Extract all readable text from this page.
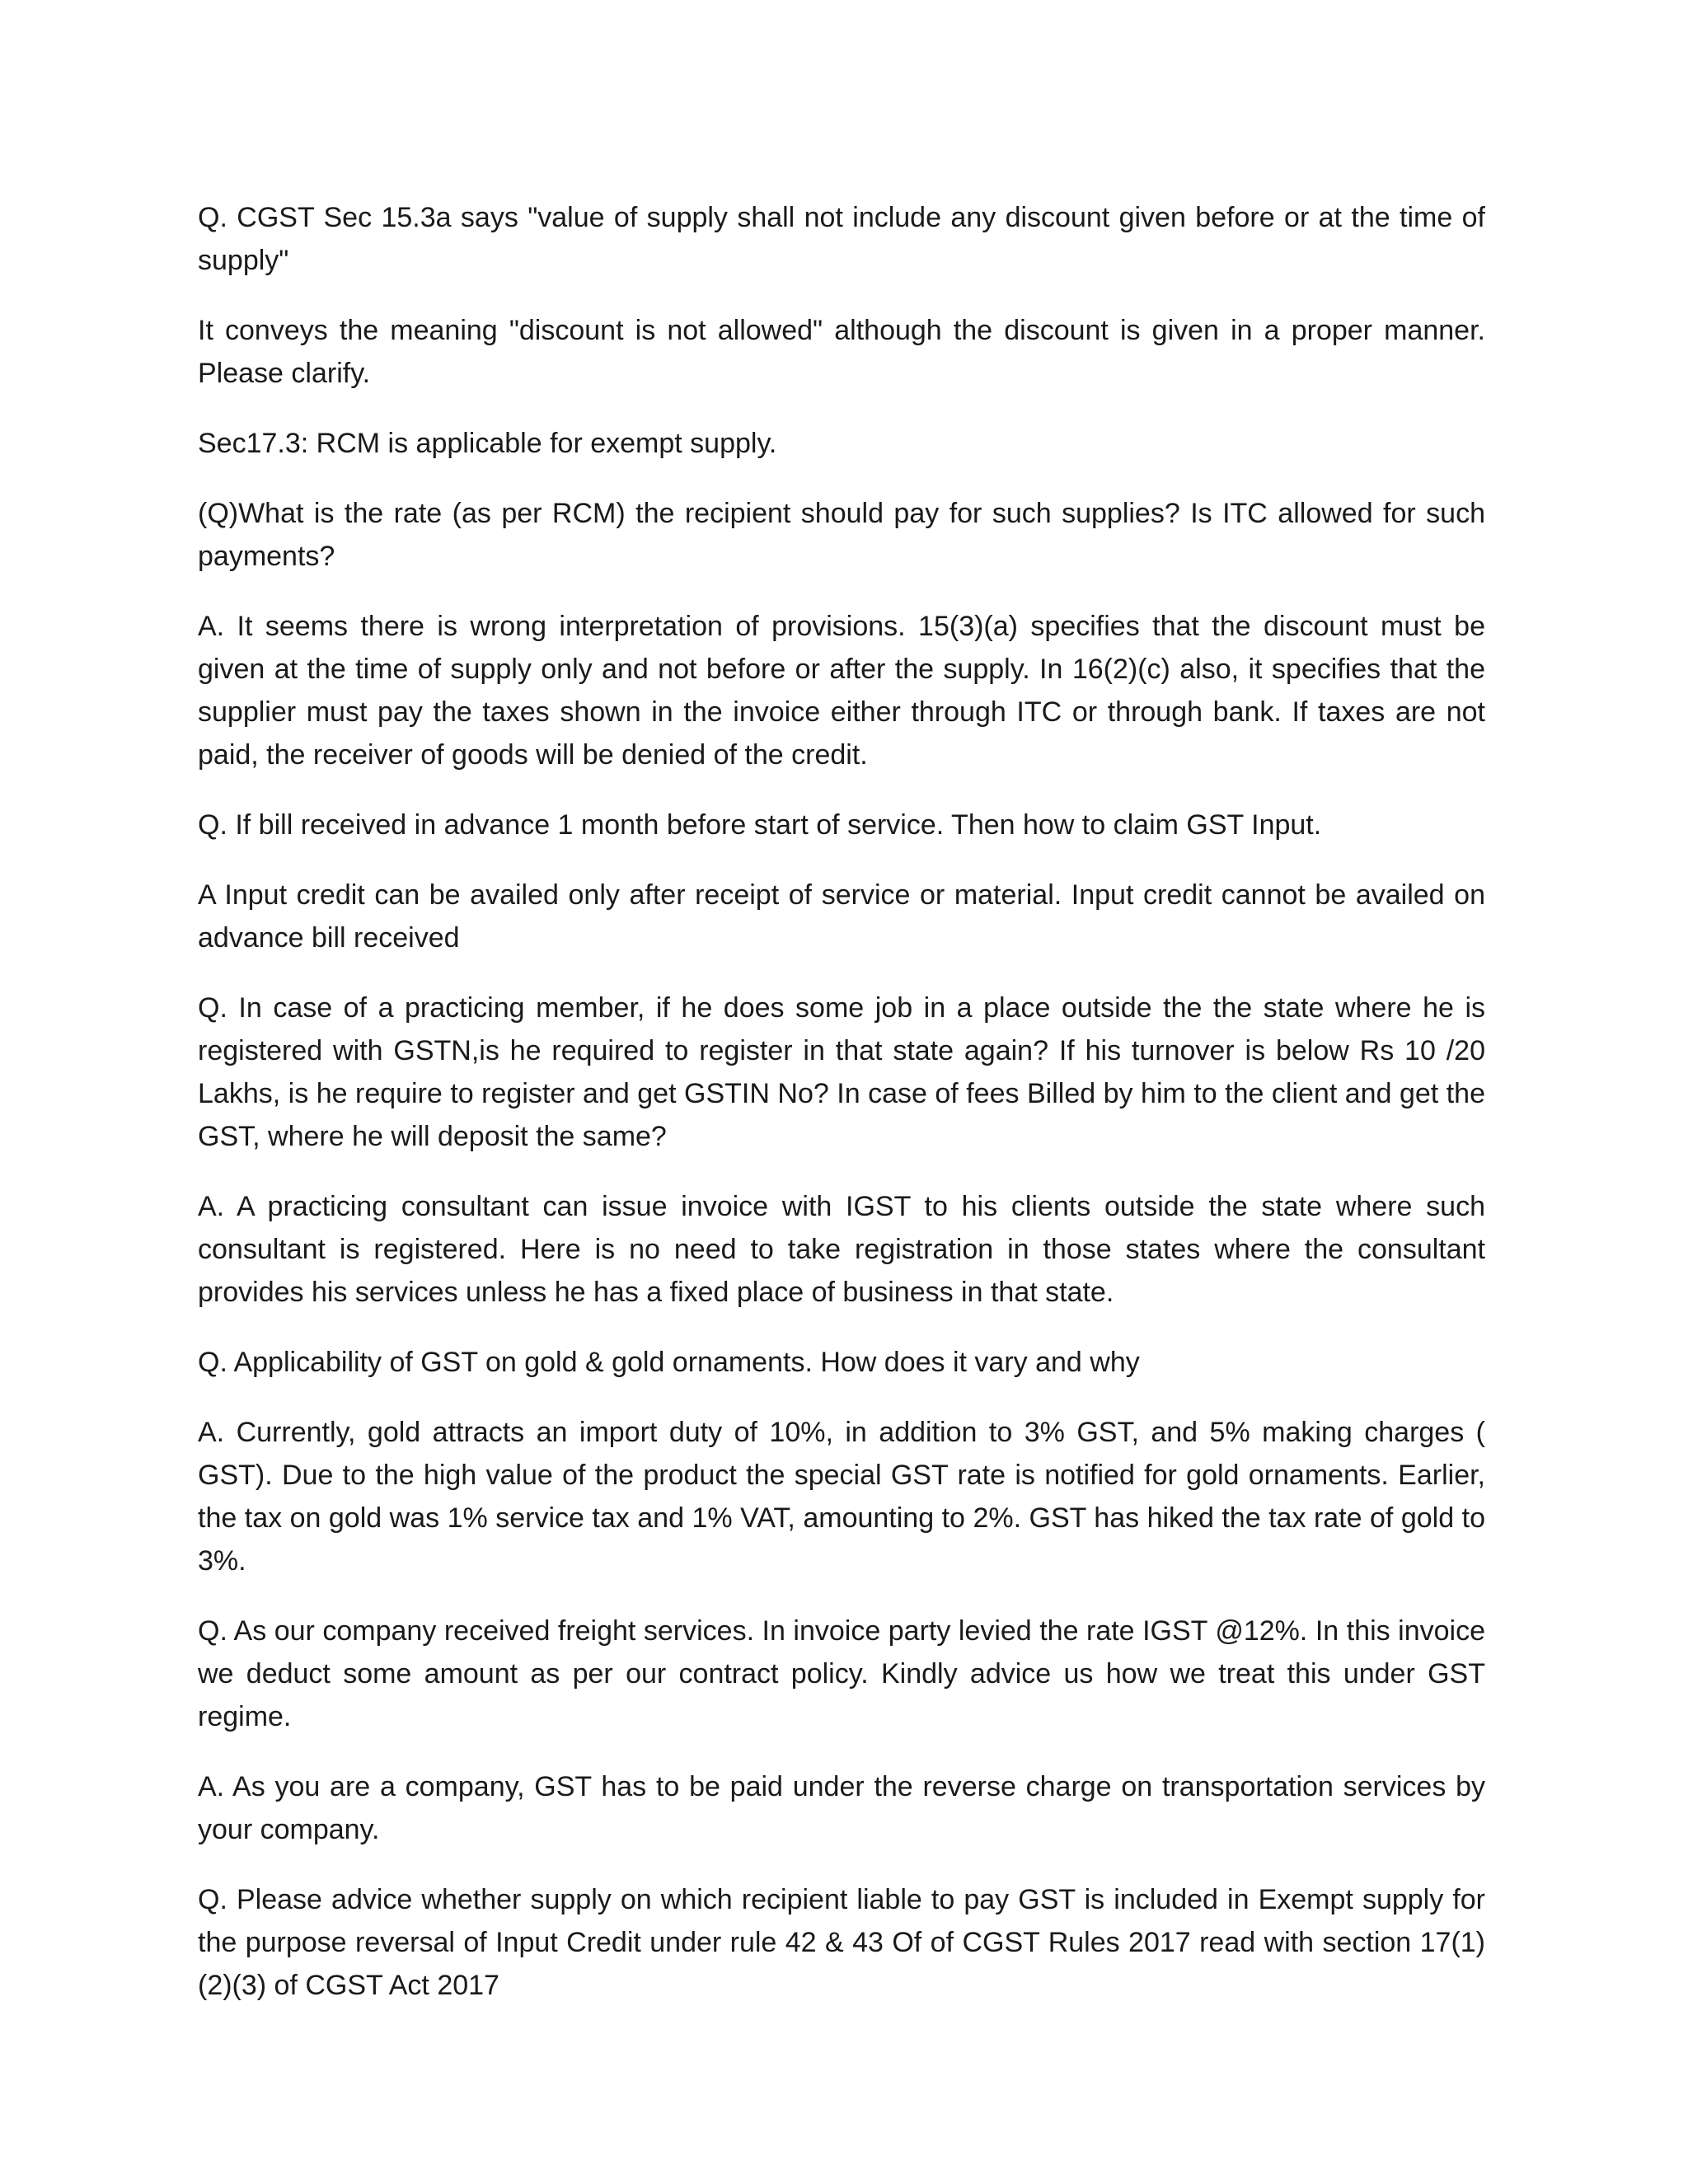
Q. CGST Sec 15.3a says "value of supply shall not include any discount given before or at the time of supply"

It conveys the meaning "discount is not allowed" although the discount is given in a proper manner. Please clarify.

Sec17.3: RCM is applicable for exempt supply.

(Q)What is the rate (as per RCM) the recipient should pay for such supplies? Is ITC allowed for such payments?

A. It seems there is wrong interpretation of provisions. 15(3)(a) specifies that the discount must be given at the time of supply only and not before or after the supply. In 16(2)(c) also, it specifies that the supplier must pay the taxes shown in the invoice either through ITC or through bank. If taxes are not paid, the receiver of goods will be denied of the credit.

Q. If bill received in advance 1 month before start of service. Then how to claim GST Input.

A Input credit can be availed only after receipt of service or material. Input credit cannot be availed on advance bill received

Q. In case of a practicing member, if he does some job in a place outside the the state where he is registered with GSTN,is he required to register in that state again? If his turnover is below Rs 10 /20 Lakhs, is he require to register and get GSTIN No? In case of fees Billed by him to the client and get the GST, where he will deposit the same?

A. A practicing consultant can issue invoice with IGST to his clients outside the state where such consultant is registered. Here is no need to take registration in those states where the consultant provides his services unless he has a fixed place of business in that state.

Q. Applicability of GST on gold & gold ornaments. How does it vary and why

A. Currently, gold attracts an import duty of 10%, in addition to 3% GST, and 5% making charges ( GST). Due to the high value of the product the special GST rate is notified for gold ornaments. Earlier, the tax on gold was 1% service tax and 1% VAT, amounting to 2%. GST has hiked the tax rate of gold to 3%.

Q. As our company received freight services. In invoice party levied the rate IGST @12%. In this invoice we deduct some amount as per our contract policy. Kindly advice us how we treat this under GST regime.

A. As you are a company, GST has to be paid under the reverse charge on transportation services by your company.

Q. Please advice whether supply on which recipient liable to pay GST is included in Exempt supply for the purpose reversal of Input Credit under rule 42 & 43 Of of CGST Rules 2017 read with section 17(1)(2)(3) of CGST Act 2017
